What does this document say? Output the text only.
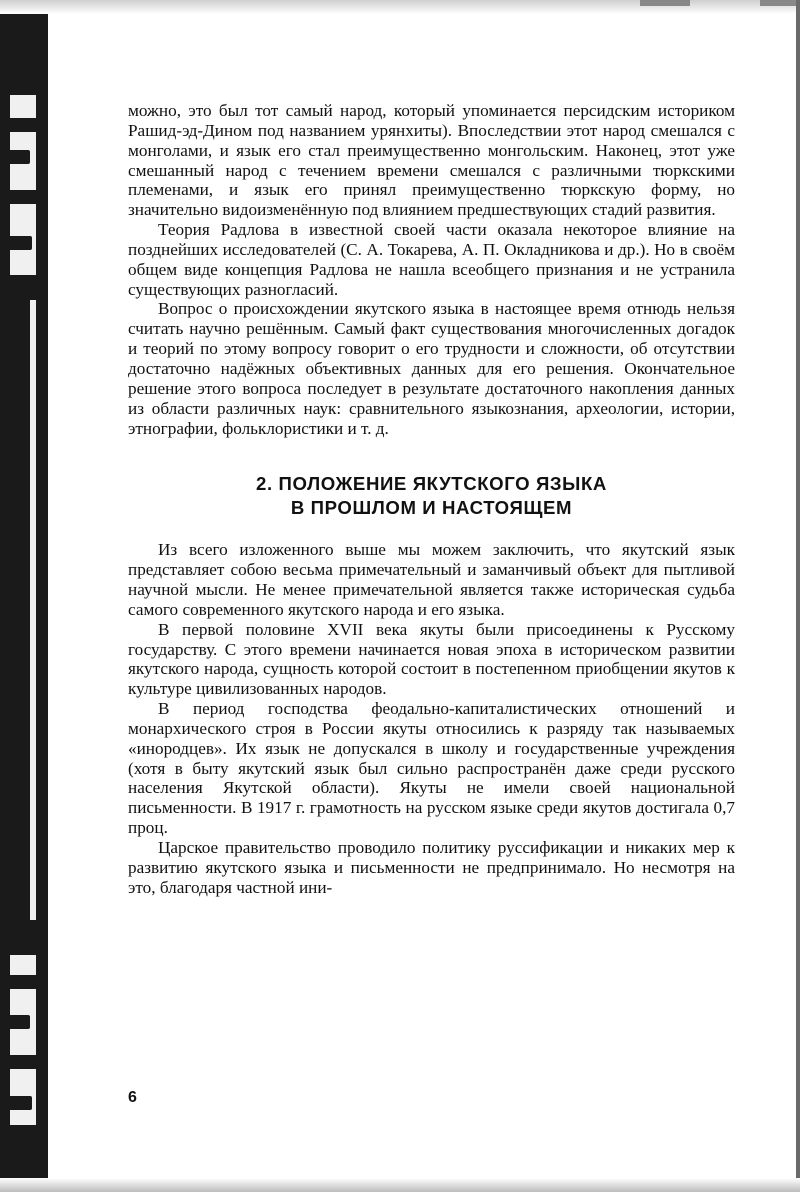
можно, это был тот самый народ, который упоминается персидским историком Рашид-эд-Дином под названием урянхиты). Впоследствии этот народ смешался с монголами, и язык его стал преимущественно монгольским. Наконец, этот уже смешанный народ с течением времени смешался с различными тюркскими племенами, и язык его принял преимущественно тюркскую форму, но значительно видоизменённую под влиянием предшествующих стадий развития.

Теория Радлова в известной своей части оказала некоторое влияние на позднейших исследователей (С. А. Токарева, А. П. Окладникова и др.). Но в своём общем виде концепция Радлова не нашла всеобщего признания и не устранила существующих разногласий.

Вопрос о происхождении якутского языка в настоящее время отнюдь нельзя считать научно решённым. Самый факт существования многочисленных догадок и теорий по этому вопросу говорит о его трудности и сложности, об отсутствии достаточно надёжных объективных данных для его решения. Окончательное решение этого вопроса последует в результате достаточного накопления данных из области различных наук: сравнительного языкознания, археологии, истории, этнографии, фольклористики и т. д.

2. ПОЛОЖЕНИЕ ЯКУТСКОГО ЯЗЫКА
В ПРОШЛОМ И НАСТОЯЩЕМ

Из всего изложенного выше мы можем заключить, что якутский язык представляет собою весьма примечательный и заманчивый объект для пытливой научной мысли. Не менее примечательной является также историческая судьба самого современного якутского народа и его языка.

В первой половине XVII века якуты были присоединены к Русскому государству. С этого времени начинается новая эпоха в историческом развитии якутского народа, сущность которой состоит в постепенном приобщении якутов к культуре цивилизованных народов.

В период господства феодально-капиталистических отношений и монархического строя в России якуты относились к разряду так называемых «инородцев». Их язык не допускался в школу и государственные учреждения (хотя в быту якутский язык был сильно распространён даже среди русского населения Якутской области). Якуты не имели своей национальной письменности. В 1917 г. грамотность на русском языке среди якутов достигала 0,7 проц.

Царское правительство проводило политику руссификации и никаких мер к развитию якутского языка и письменности не предпринимало. Но несмотря на это, благодаря частной ини-

6
